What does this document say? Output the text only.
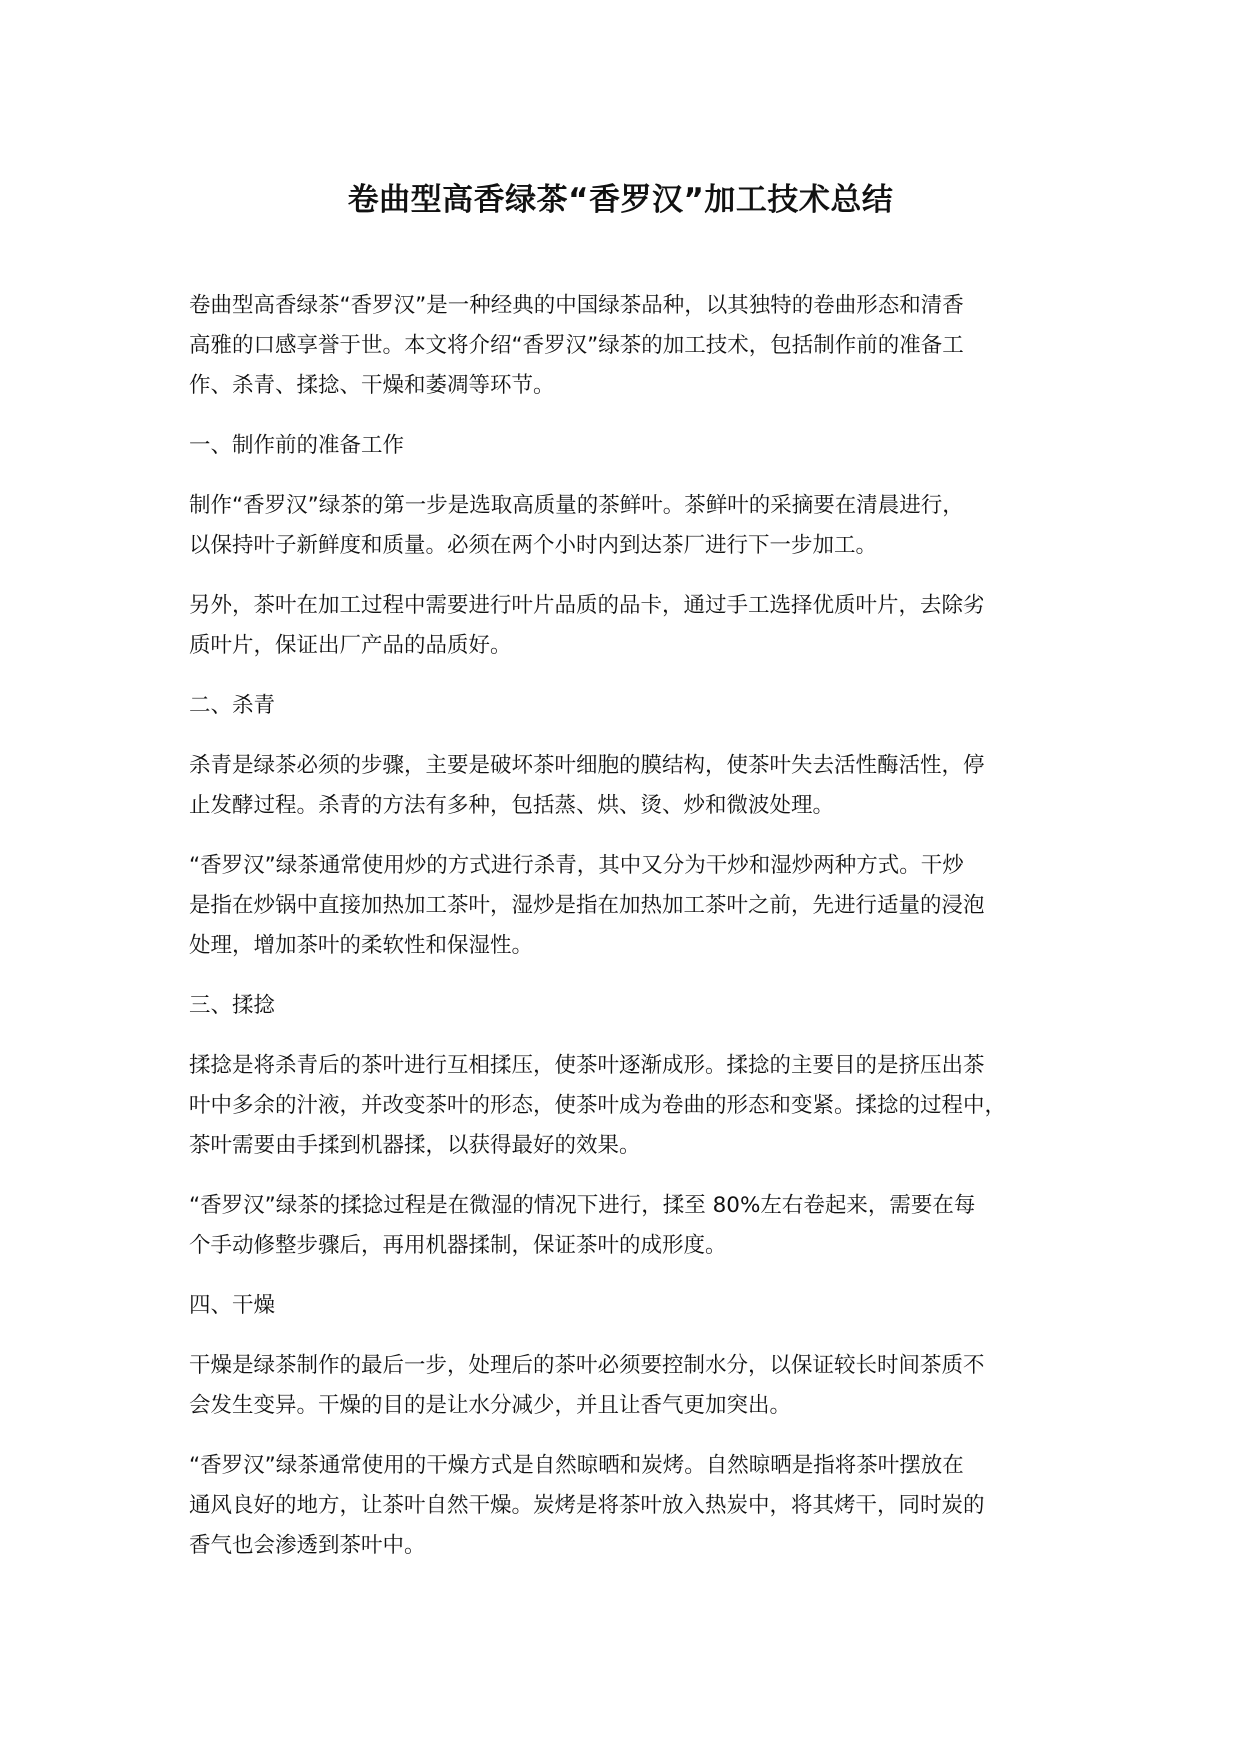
卷曲型高香绿茶“香罗汉”加工技术总结
卷曲型高香绿茶“香罗汉”是一种经典的中国绿茶品种，以其独特的卷曲形态和清香
高雅的口感享誉于世。本文将介绍“香罗汉”绿茶的加工技术，包括制作前的准备工
作、杀青、揉捻、干燥和萎凋等环节。
一、制作前的准备工作
制作“香罗汉”绿茶的第一步是选取高质量的茶鲜叶。茶鲜叶的采摘要在清晨进行，
以保持叶子新鲜度和质量。必须在两个小时内到达茶厂进行下一步加工。
另外，茶叶在加工过程中需要进行叶片品质的品卡，通过手工选择优质叶片，去除劣
质叶片，保证出厂产品的品质好。
二、杀青
杀青是绿茶必须的步骤，主要是破坏茶叶细胞的膜结构，使茶叶失去活性酶活性，停
止发酵过程。杀青的方法有多种，包括蒸、烘、烫、炒和微波处理。
“香罗汉”绿茶通常使用炒的方式进行杀青，其中又分为干炒和湿炒两种方式。干炒
是指在炒锅中直接加热加工茶叶，湿炒是指在加热加工茶叶之前，先进行适量的浸泡
处理，增加茶叶的柔软性和保湿性。
三、揉捻
揉捻是将杀青后的茶叶进行互相揉压，使茶叶逐渐成形。揉捻的主要目的是挤压出茶
叶中多余的汁液，并改变茶叶的形态，使茶叶成为卷曲的形态和变紧。揉捻的过程中，
茶叶需要由手揉到机器揉，以获得最好的效果。
“香罗汉”绿茶的揉捻过程是在微湿的情况下进行，揉至 80%左右卷起来，需要在每
个手动修整步骤后，再用机器揉制，保证茶叶的成形度。
四、干燥
干燥是绿茶制作的最后一步，处理后的茶叶必须要控制水分，以保证较长时间茶质不
会发生变异。干燥的目的是让水分减少，并且让香气更加突出。
“香罗汉”绿茶通常使用的干燥方式是自然晾晒和炭烤。自然晾晒是指将茶叶摆放在
通风良好的地方，让茶叶自然干燥。炭烤是将茶叶放入热炭中，将其烤干，同时炭的
香气也会渗透到茶叶中。
